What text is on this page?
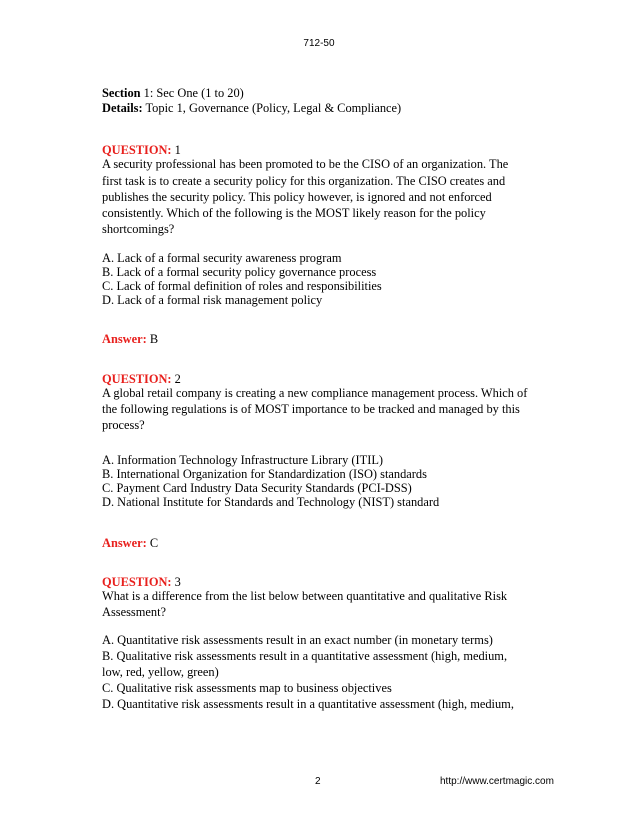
712-50
Section 1: Sec One (1 to 20)
Details: Topic 1, Governance (Policy, Legal & Compliance)
QUESTION: 1
A security professional has been promoted to be the CISO of an organization. The
first task is to create a security policy for this organization. The CISO creates and
publishes the security policy. This policy however, is ignored and not enforced
consistently. Which of the following is the MOST likely reason for the policy
shortcomings?
A. Lack of a formal security awareness program
B. Lack of a formal security policy governance process
C. Lack of formal definition of roles and responsibilities
D. Lack of a formal risk management policy
Answer: B
QUESTION: 2
A global retail company is creating a new compliance management process. Which of
the following regulations is of MOST importance to be tracked and managed by this
process?
A. Information Technology Infrastructure Library (ITIL)
B. International Organization for Standardization (ISO) standards
C. Payment Card Industry Data Security Standards (PCI-DSS)
D. National Institute for Standards and Technology (NIST) standard
Answer: C
QUESTION: 3
What is a difference from the list below between quantitative and qualitative Risk
Assessment?
A. Quantitative risk assessments result in an exact number (in monetary terms)
B. Qualitative risk assessments result in a quantitative assessment (high, medium,
low, red, yellow, green)
C. Qualitative risk assessments map to business objectives
D. Quantitative risk assessments result in a quantitative assessment (high, medium,
2	http://www.certmagic.com
